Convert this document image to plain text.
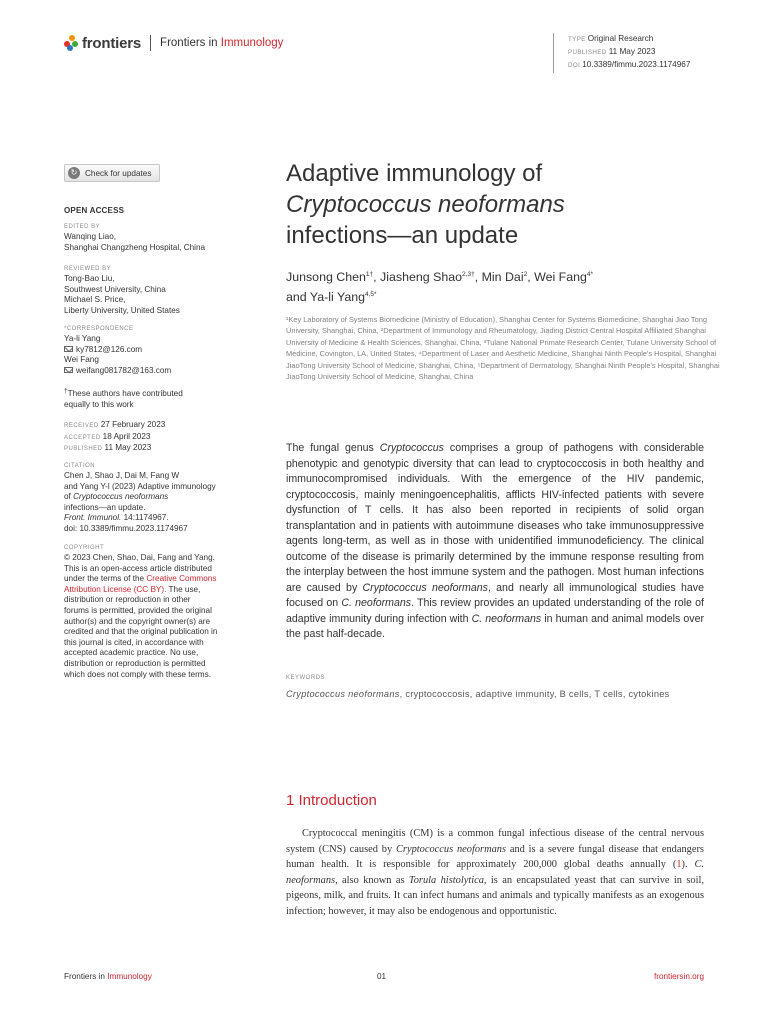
frontiers Frontiers in Immunology	TYPE Original Research
PUBLISHED 11 May 2023
DOI 10.3389/fimmu.2023.1174967
↻ Check for updates
OPEN ACCESS
EDITED BY
Wanqing Liao,
Shanghai Changzheng Hospital, China
REVIEWED BY
Tong-Bao Liu,
Southwest University, China
Michael S. Price,
Liberty University, United States
*CORRESPONDENCE
Ya-li Yang
ky7812@126.com
Wei Fang
weifang081782@163.com
†These authors have contributed
equally to this work
RECEIVED 27 February 2023
ACCEPTED 18 April 2023
PUBLISHED 11 May 2023
CITATION
Chen J, Shao J, Dai M, Fang W
and Yang Y-l (2023) Adaptive immunology
of Cryptococcus neoformans
infections—an update.
Front. Immunol. 14:1174967.
doi: 10.3389/fimmu.2023.1174967
COPYRIGHT
© 2023 Chen, Shao, Dai, Fang and Yang.
This is an open-access article distributed
under the terms of the Creative Commons
Attribution License (CC BY). The use,
distribution or reproduction in other
forums is permitted, provided the original
author(s) and the copyright owner(s) are
credited and that the original publication in
this journal is cited, in accordance with
accepted academic practice. No use,
distribution or reproduction is permitted
which does not comply with these terms.
Adaptive immunology of
Cryptococcus neoformans
infections—an update
Junsong Chen$^{1\dagger}$, Jiasheng Shao$^{2,3\dagger}$, Min Dai$^2$, Wei Fang$^{4*}$
and Ya-li Yang$^{4,5*}$
¹Key Laboratory of Systems Biomedicine (Ministry of Education), Shanghai Center for Systems Biomedicine, Shanghai Jiao Tong University, Shanghai, China, ²Department of Immunology and Rheumatology, Jiading District Central Hospital Affiliated Shanghai University of Medicine & Health Sciences, Shanghai, China, ³Tulane National Primate Research Center, Tulane University School of Medicine, Covington, LA, United States, ⁴Department of Laser and Aesthetic Medicine, Shanghai Ninth People's Hospital, Shanghai JiaoTong University School of Medicine, Shanghai, China, ⁵Department of Dermatology, Shanghai Ninth People's Hospital, Shanghai JiaoTong University School of Medicine, Shanghai, China
The fungal genus Cryptococcus comprises a group of pathogens with considerable phenotypic and genotypic diversity that can lead to cryptococcosis in both healthy and immunocompromised individuals. With the emergence of the HIV pandemic, cryptococcosis, mainly meningoencephalitis, afflicts HIV-infected patients with severe dysfunction of T cells. It has also been reported in recipients of solid organ transplantation and in patients with autoimmune diseases who take immunosuppressive agents long-term, as well as in those with unidentified immunodeficiency. The clinical outcome of the disease is primarily determined by the immune response resulting from the interplay between the host immune system and the pathogen. Most human infections are caused by Cryptococcus neoformans, and nearly all immunological studies have focused on C. neoformans. This review provides an updated understanding of the role of adaptive immunity during infection with C. neoformans in human and animal models over the past half-decade.
KEYWORDS
Cryptococcus neoformans, cryptococcosis, adaptive immunity, B cells, T cells, cytokines
1 Introduction
Cryptococcal meningitis (CM) is a common fungal infectious disease of the central nervous system (CNS) caused by Cryptococcus neoformans and is a severe fungal disease that endangers human health. It is responsible for approximately 200,000 global deaths annually (1). C. neoformans, also known as Torula histolytica, is an encapsulated yeast that can survive in soil, pigeons, milk, and fruits. It can infect humans and animals and typically manifests as an exogenous infection; however, it may also be endogenous and opportunistic.
Frontiers in Immunology	01	frontiersin.org
